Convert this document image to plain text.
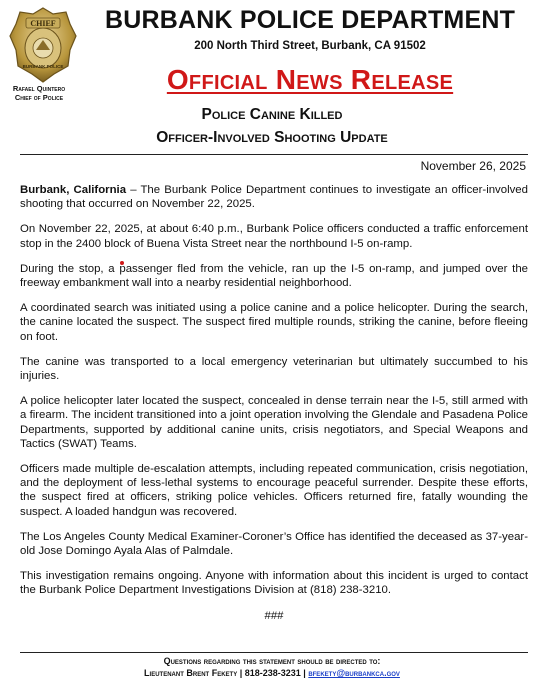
CHIEF
BURBANK POLICE
Rafael Quintero
Chief of Police
BURBANK POLICE DEPARTMENT
200 North Third Street, Burbank, CA 91502
Official News Release
Police Canine Killed
Officer-Involved Shooting Update
November 26, 2025

Burbank, California – The Burbank Police Department continues to investigate an officer-involved shooting that occurred on November 22, 2025.

On November 22, 2025, at about 6:40 p.m., Burbank Police officers conducted a traffic enforcement stop in the 2400 block of Buena Vista Street near the northbound I-5 on-ramp.

During the stop, a passenger fled from the vehicle, ran up the I-5 on-ramp, and jumped over the freeway embankment wall into a nearby residential neighborhood.

A coordinated search was initiated using a police canine and a police helicopter. During the search, the canine located the suspect. The suspect fired multiple rounds, striking the canine, before fleeing on foot.

The canine was transported to a local emergency veterinarian but ultimately succumbed to his injuries.

A police helicopter later located the suspect, concealed in dense terrain near the I-5, still armed with a firearm. The incident transitioned into a joint operation involving the Glendale and Pasadena Police Departments, supported by additional canine units, crisis negotiators, and Special Weapons and Tactics (SWAT) Teams.

Officers made multiple de-escalation attempts, including repeated communication, crisis negotiation, and the deployment of less-lethal systems to encourage peaceful surrender. Despite these efforts, the suspect fired at officers, striking police vehicles. Officers returned fire, fatally wounding the suspect. A loaded handgun was recovered.

The Los Angeles County Medical Examiner-Coroner’s Office has identified the deceased as 37-year-old Jose Domingo Ayala Alas of Palmdale.

This investigation remains ongoing. Anyone with information about this incident is urged to contact the Burbank Police Department Investigations Division at (818) 238-3210.

###

Questions regarding this statement should be directed to:
Lieutenant Brent Fekety | 818-238-3231 | bfekety@burbankca.gov
